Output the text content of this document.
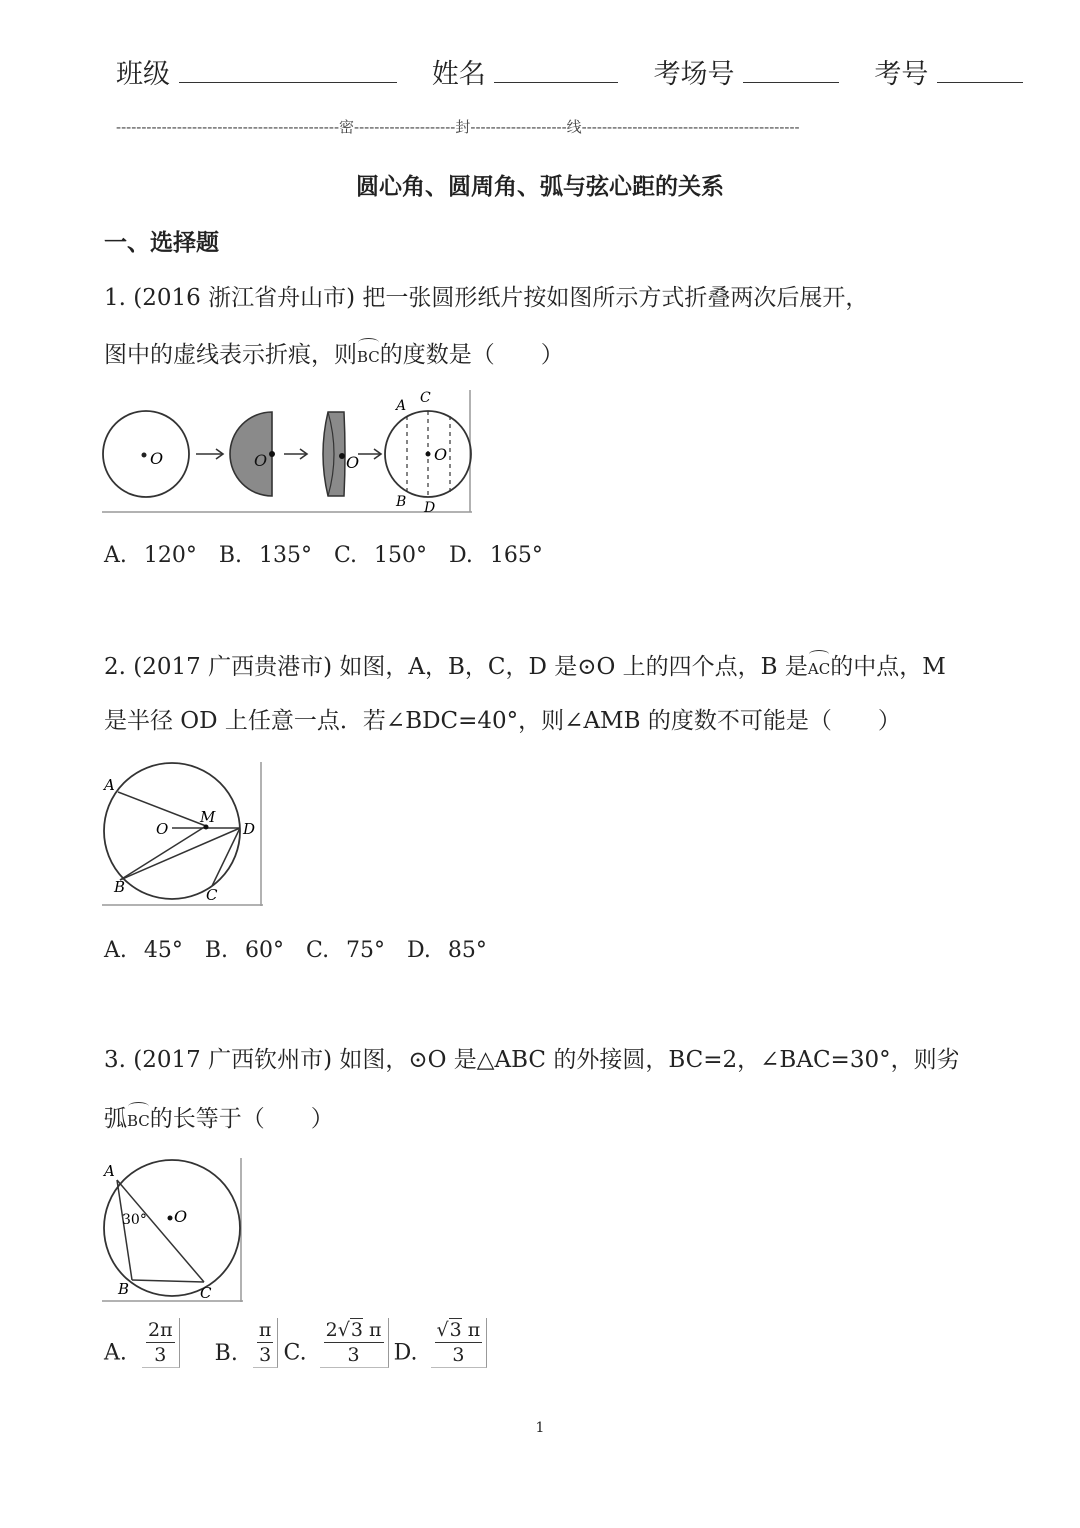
班级	姓名	考场号	考号
--------------------------------------------密--------------------封-------------------线-------------------------------------------
圆心角、圆周角、弧与弦心距的关系
一、选择题
1. (2016 浙江省舟山市) 把一张圆形纸片按如图所示方式折叠两次后展开，
图中的虚线表示折痕，则BC的度数是（　　）
O	O	O	O
A C
B D
A. 120°　B. 135°　C. 150°　D. 165°
2. (2017 广西贵港市) 如图，A，B，C，D 是⊙O 上的四个点，B 是AC的中点，M
是半径 OD 上任意一点．若∠BDC=40°，则∠AMB 的度数不可能是（　　）
A
O
M
D
B	C
A. 45°　B. 60°　C. 75°　D. 85°
3. (2017 广西钦州市) 如图，⊙O 是△ABC 的外接圆，BC=2，∠BAC=30°，则劣
弧BC的长等于（　　）
A
30° O
B	C
A. $\frac{2\pi}{3} B$. $\frac{\pi}{3} C$. $\frac{2√3 \pi}{3} D$. $\frac{√3 \pi}{3}$
1
